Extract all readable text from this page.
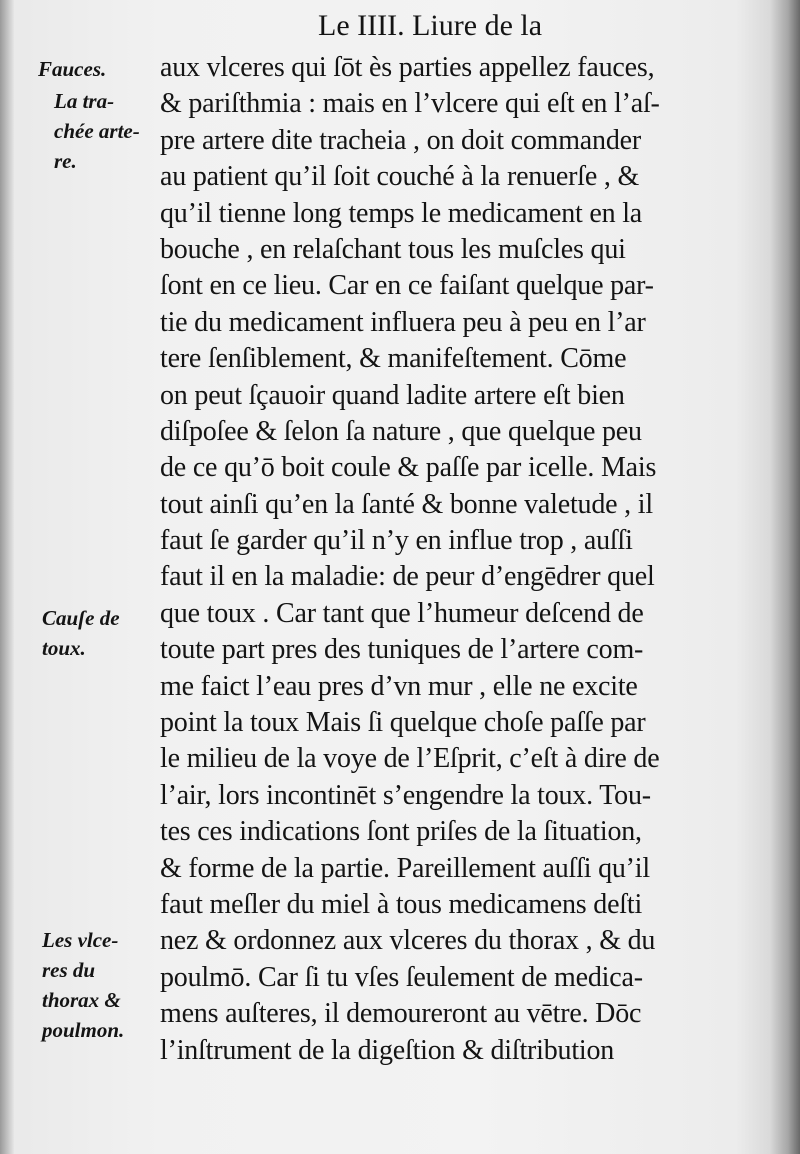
Le IIII. Liure de la
Fauces.
La tra-
chée arte-
re.
Cauſe de
toux.
Les vlce-
res du
thorax &
poulmon.
aux vlceres qui ſōt ès parties appellez fauces,
& pariſthmia : mais en l’vlcere qui eſt en l’aſ-
pre artere dite tracheia , on doit commander
au patient qu’il ſoit couché à la renuerſe , &
qu’il tienne long temps le medicament en la
bouche , en relaſchant tous les muſcles qui
ſont en ce lieu. Car en ce faiſant quelque par-
tie du medicament influera peu à peu en l’ar
tere ſenſiblement, & manifeſtement. Cōme
on peut ſçauoir quand ladite artere eſt bien
diſpoſee & ſelon ſa nature , que quelque peu
de ce qu’ō boit coule & paſſe par icelle. Mais
tout ainſi qu’en la ſanté & bonne valetude , il
faut ſe garder qu’il n’y en influe trop , auſſi
faut il en la maladie: de peur d’engēdrer quel
que toux . Car tant que l’humeur deſcend de
toute part pres des tuniques de l’artere com-
me faict l’eau pres d’vn mur , elle ne excite
point la toux Mais ſi quelque choſe paſſe par
le milieu de la voye de l’Eſprit, c’eſt à dire de
l’air, lors incontinēt s’engendre la toux. Tou-
tes ces indications ſont priſes de la ſituation,
& forme de la partie. Pareillement auſſi qu’il
faut meſler du miel à tous medicamens deſti
nez & ordonnez aux vlceres du thorax , & du
poulmō. Car ſi tu vſes ſeulement de medica-
mens auſteres, il demoureront au vētre. Dōc
l’inſtrument de la digeſtion & diſtribution
